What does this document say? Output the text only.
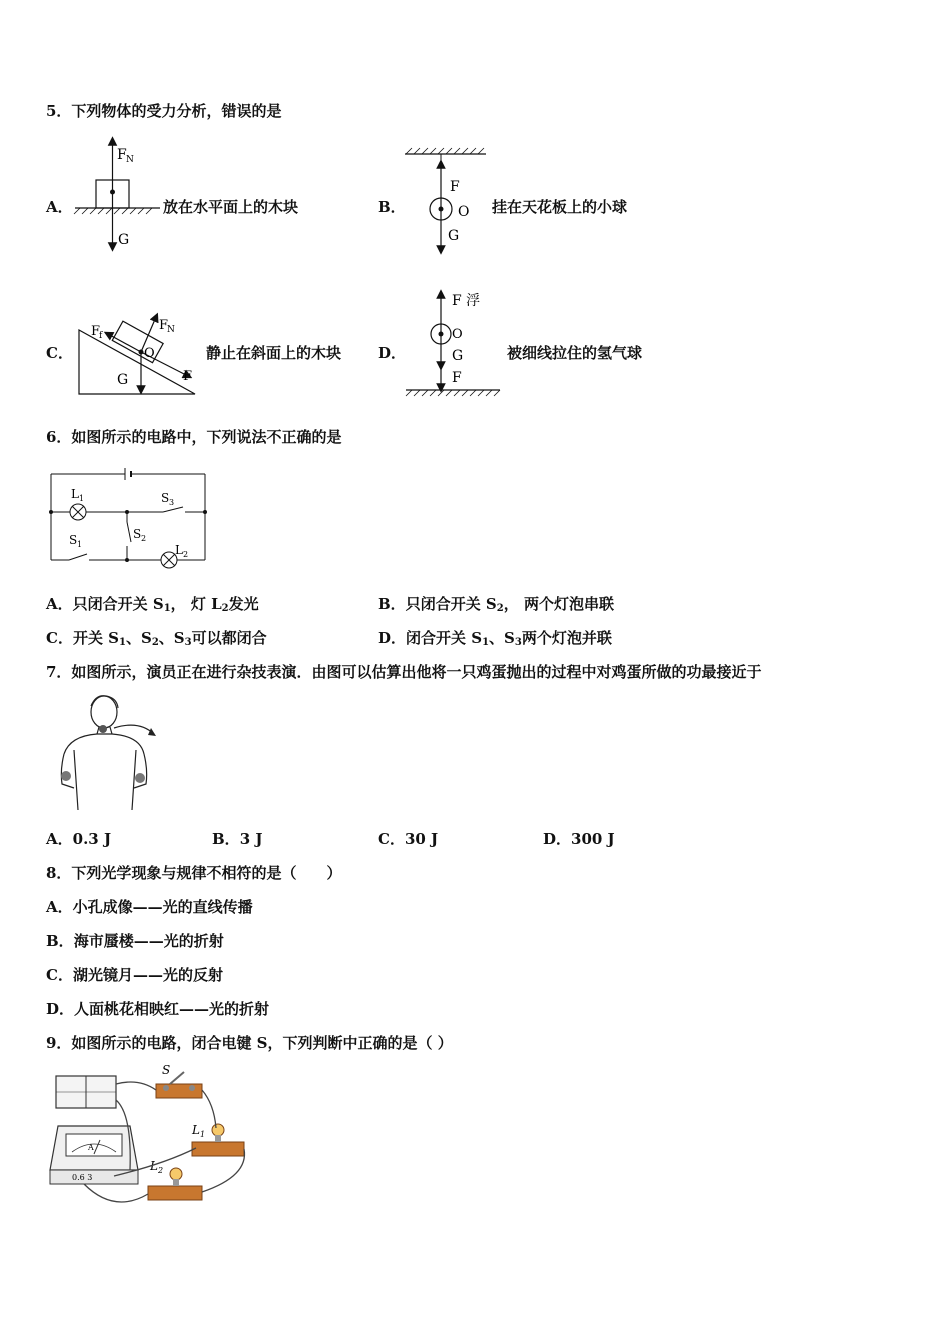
5．下列物体的受力分析，错误的是
F N
G
A．	放在水平面上的木块
F
O
G
B．	挂在天花板上的小球
F
f
F
N
O
G	F
C．	静止在斜面上的木块
F 浮
O
G
F
D．	被细线拉住的氢气球
6．如图所示的电路中，下列说法不正确的是
L 1	S 3
S 2
S 1	L 2
A．只闭合开关 $S_1$， 灯 $L_2$发光	B．只闭合开关 $S_2$， 两个灯泡串联
C．开关 $S_1$、$S_2$、$S_3$可以都闭合	D．闭合开关 $S_1$、$S_3$两个灯泡并联
7．如图所示，演员正在进行杂技表演．由图可以估算出他将一只鸡蛋抛出的过程中对鸡蛋所做的功最接近于
A．0.3 J	B．3 J	C．30 J	D．300 J
8．下列光学现象与规律不相符的是（　　）
A．小孔成像——光的直线传播
B．海市蜃楼——光的折射
C．湖光镜月——光的反射
D．人面桃花相映红——光的折射
9．如图所示的电路，闭合电键 S，下列判断中正确的是（ ）
A
0.6 3
S
L 1
L 2
